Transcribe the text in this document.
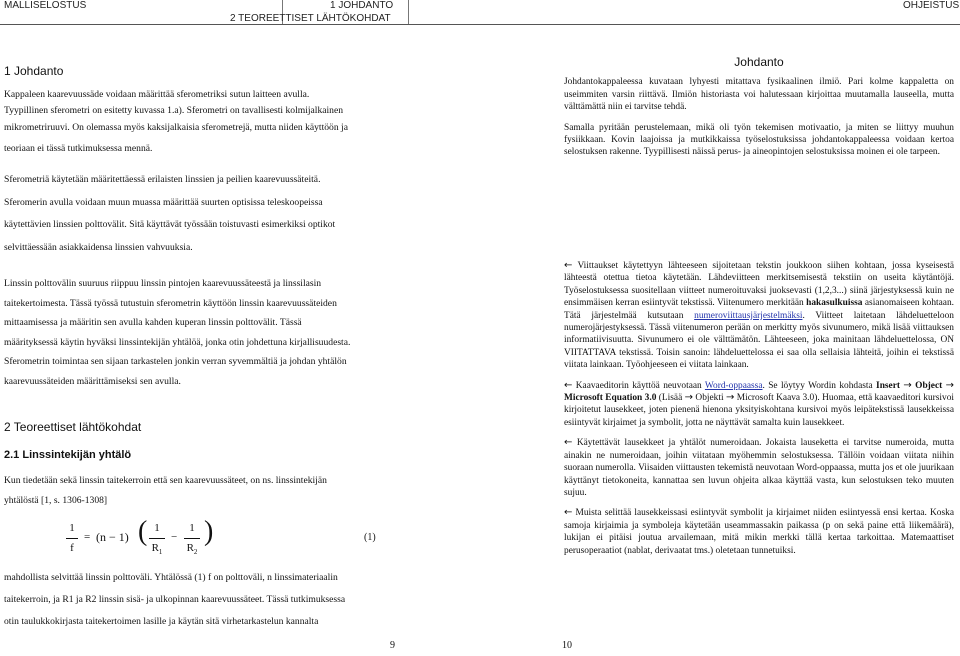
MALLISELOSTUS	1 JOHDANTO
2 TEOREETTISET LÄHTÖKOHDAT
OHJEISTUS

1 Johdanto

Kappaleen kaarevuussäde voidaan määrittää sferometriksi sutun laitteen avulla.

Tyypillinen sferometri on esitetty kuvassa 1.a). Sferometri on tavallisesti kolmijalkainen

mikrometriruuvi. On olemassa myös kaksijalkaisia sferometrejä, mutta niiden käyttöön ja

teoriaan ei tässä tutkimuksessa mennä.

Sferometriä käytetään määritettäessä erilaisten linssien ja peilien kaarevuussäteitä.

Sferomerin avulla voidaan muun muassa määrittää suurten optisissa teleskoopeissa

käytettävien linssien polttovälit. Sitä käyttävät työssään toistuvasti esimerkiksi optikot

selvittäessään asiakkaidensa linssien vahvuuksia.

Linssin polttovälin suuruus riippuu linssin pintojen kaarevuussäteestä ja linssilasin

taitekertoimesta. Tässä työssä tutustuin sferometrin käyttöön linssin kaarevuussäteiden

mittaamisessa ja määritin sen avulla kahden kuperan linssin polttovälit. Tässä

määrityksessä käytin hyväksi linssintekijän yhtälöä, jonka otin johdettuna kirjallisuudesta.

Sferometrin toimintaa sen sijaan tarkastelen jonkin verran syvemmältiä ja johdan yhtälön

kaarevuussäteiden määrittämiseksi sen avulla.

2 Teoreettiset lähtökohdat

2.1 Linssintekijän yhtälö

Kun tiedetään sekä linssin taitekerroin että sen kaarevuussäteet, on ns. linssintekijän

yhtälöstä [1, s. 1306-1308]

$\frac{1}{f} = (n - 1)$ ( $\frac{1}{R_1} - \frac{1}{R_2}$ )	(1)

mahdollista selvittää linssin polttoväli. Yhtälössä (1) f on polttoväli, n linssimateriaalin

taitekerroin, ja R1 ja R2 linssin sisä- ja ulkopinnan kaarevuussäteet. Tässä tutkimuksessa

otin taulukkokirjasta taitekertoimen lasille ja käytän sitä virhetarkastelun kannalta

9

Johdanto

Johdantokappaleessa kuvataan lyhyesti mitattava fysikaalinen ilmiö. Pari kolme kappaletta on useimmiten varsin riittävä. Ilmiön historiasta voi halutessaan kirjoittaa muutamalla lauseella, mutta välttämättä niin ei tarvitse tehdä.

Samalla pyritään perustelemaan, mikä oli työn tekemisen motivaatio, ja miten se liittyy muuhun fysiikkaan. Kovin laajoissa ja mutkikkaissa työselostuksissa johdantokappaleessa voidaan kertoa selostuksen rakenne. Tyypillisesti näissä perus- ja aineopintojen selostuksissa moinen ei ole tarpeen.

← Viittaukset käytettyyn lähteeseen sijoitetaan tekstin joukkoon siihen kohtaan, jossa kyseisestä lähteestä otettua tietoa käytetään. Lähdeviitteen merkitsemisestä tekstiin on useita käytäntöjä. Työselostuksessa suositellaan viitteet numeroituvaksi juoksevasti (1,2,3...) siinä järjestyksessä kuin ne ensimmäisen kerran esiintyvät tekstissä. Viitenumero merkitään hakasulkuissa asianomaiseen kohtaan. Tätä järjestelmää kutsutaan numeroviittausjärjestelmäksi. Viitteet laitetaan lähdeluetteloon numerojärjestyksessä. Tässä viitenumeron perään on merkitty myös sivunumero, mikä lisää viittauksen informatiivisuutta. Sivunumero ei ole välttämätön. Lähteeseen, joka mainitaan lähdeluettelossa, ON VIITATTAVA tekstissä. Toisin sanoin: lähdeluettelossa ei saa olla sellaisia lähteitä, joihin ei tekstissä viitata lainkaan. Työohjeeseen ei viitata lainkaan.

← Kaavaeditorin käyttöä neuvotaan Word-oppaassa. Se löytyy Wordin kohdasta Insert → Object → Microsoft Equation 3.0 (Lisää → Objekti → Microsoft Kaava 3.0). Huomaa, että kaavaeditori kursivoi kirjoitetut lausekkeet, joten pienenä hienona yksityiskohtana kursivoi myös leipätekstissä lausekkeissa esiintyvät kirjaimet ja symbolit, jotta ne näyttävät samalta kuin lausekkeet.

← Käytettävät lausekkeet ja yhtälöt numeroidaan. Jokaista lauseketta ei tarvitse numeroida, mutta ainakin ne numeroidaan, joihin viitataan myöhemmin selostuksessa. Tällöin voidaan viitata niihin suoraan numerolla. Viisaiden viittausten tekemistä neuvotaan Word-oppaassa, mutta jos et ole juurikaan käyttänyt tietokoneita, kannattaa sen luvun ohjeita alkaa käyttää vasta, kun selostuksen teko muuten sujuu.

← Muista selittää lausekkeissasi esiintyvät symbolit ja kirjaimet niiden esiintyessä ensi kertaa. Koska samoja kirjaimia ja symboleja käytetään useammassakin paikassa (p on sekä paine että liikemäärä), lukijan ei pitäisi joutua arvailemaan, mitä mikin merkki tällä kertaa tarkoittaa. Matemaattiset perusoperaatiot (nablat, derivaatat tms.) oletetaan tunnetuiksi.

10
